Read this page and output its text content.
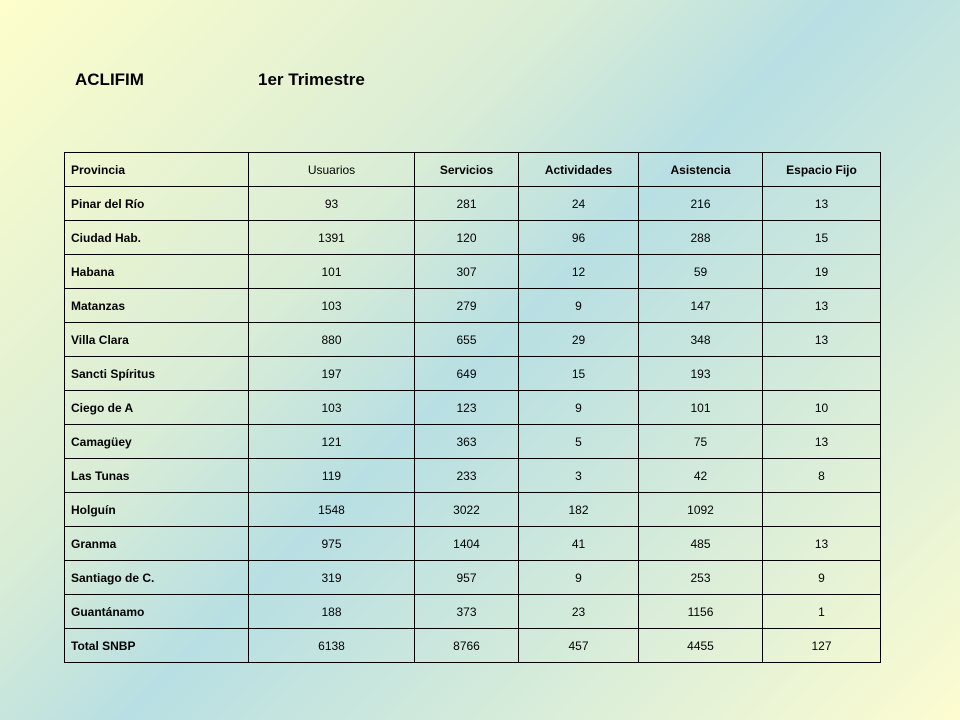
ACLIFIM	1er Trimestre
Provincia	Usuarios	Servicios	Actividades	Asistencia	Espacio Fijo
Pinar del Río	93	281	24	216	13
Ciudad Hab.	1391	120	96	288	15
Habana	101	307	12	59	19
Matanzas	103	279	9	147	13
Villa Clara	880	655	29	348	13
Sancti Spíritus	197	649	15	193	
Ciego de A	103	123	9	101	10
Camagüey	121	363	5	75	13
Las Tunas	119	233	3	42	8
Holguín	1548	3022	182	1092	
Granma	975	1404	41	485	13
Santiago de C.	319	957	9	253	9
Guantánamo	188	373	23	1156	1
Total SNBP	6138	8766	457	4455	127
